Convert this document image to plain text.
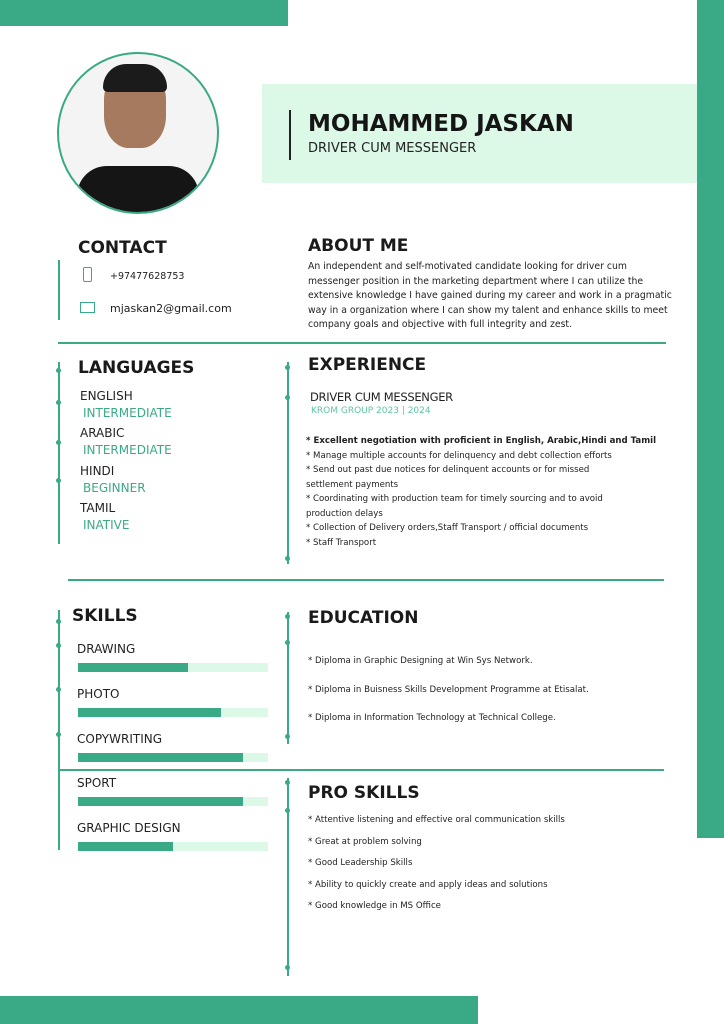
MOHAMMED JASKAN
DRIVER CUM MESSENGER
CONTACT
+97477628753
mjaskan2@gmail.com
ABOUT ME
An independent and self-motivated candidate looking for driver cum messenger position in the marketing department where I can utilize the extensive knowledge I have gained during my career and work in a pragmatic way in a organization where I can show my talent and enhance skills to meet company goals and objective with full integrity and zest.
LANGUAGES
ENGLISH
INTERMEDIATE
ARABIC
INTERMEDIATE
HINDI
BEGINNER
TAMIL
INATIVE
EXPERIENCE
DRIVER CUM MESSENGER
KROM GROUP 2023 | 2024
* Excellent negotiation with proficient in English, Arabic,Hindi and Tamil
* Manage multiple accounts for delinquency and debt collection efforts
* Send out past due notices for delinquent accounts or for missed settlement payments
* Coordinating with production team for timely sourcing and to avoid production delays
* Collection of Delivery orders,Staff Transport / official documents
* Staff Transport
SKILLS
DRAWING
PHOTO
COPYWRITING
SPORT
GRAPHIC DESIGN
EDUCATION
* Diploma in Graphic Designing at Win Sys Network.
* Diploma in Buisness Skills Development Programme at Etisalat.
* Diploma in Information Technology at Technical College.
PRO SKILLS
* Attentive listening and effective oral communication skills
* Great at problem solving
* Good Leadership Skills
* Ability to quickly create and apply ideas and solutions
* Good knowledge in MS Office
